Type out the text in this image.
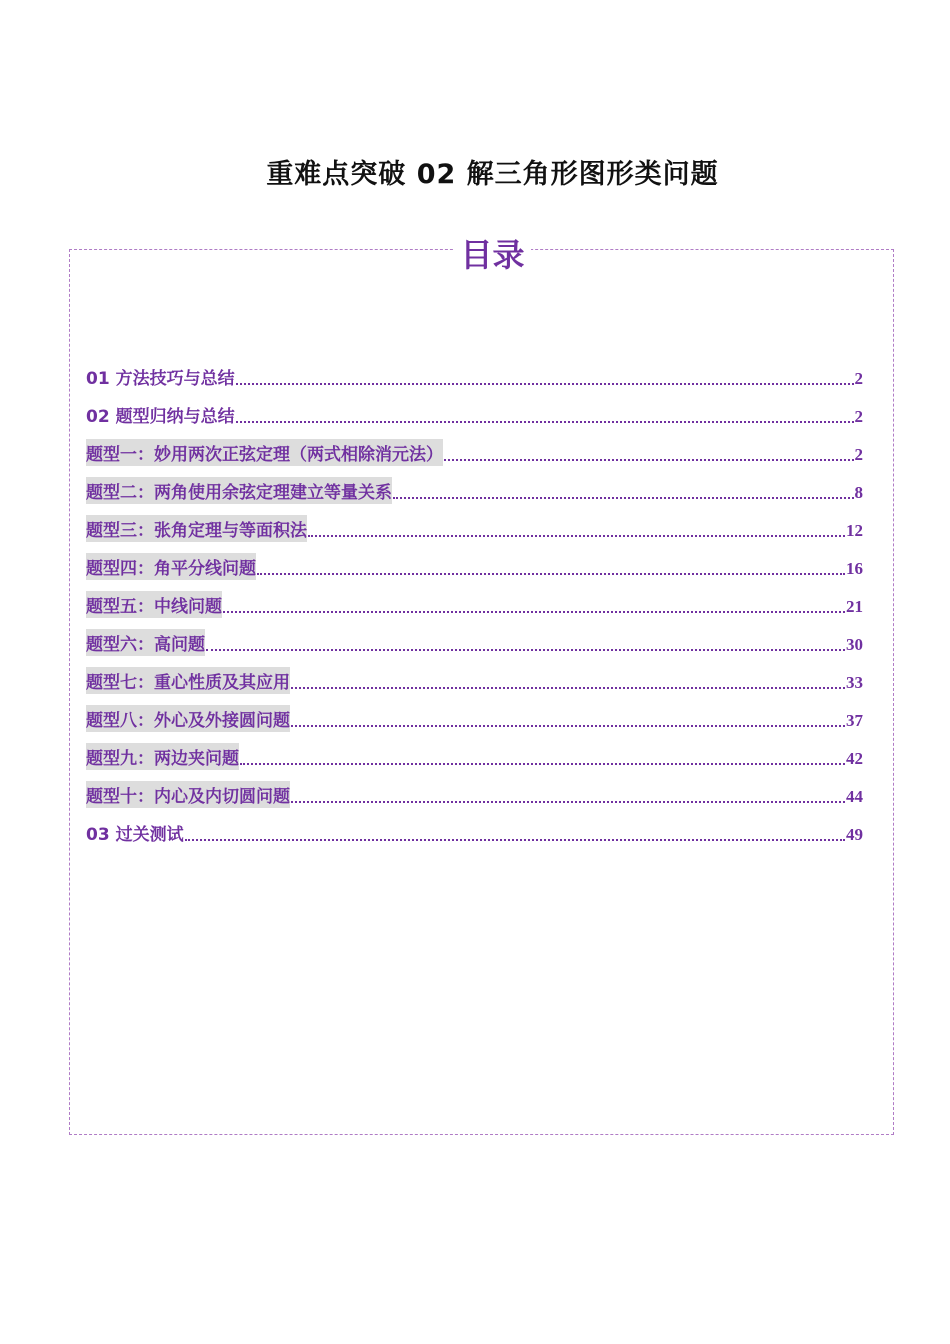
重难点突破 02 解三角形图形类问题
目录
01 方法技巧与总结	2
02 题型归纳与总结	2
题型一：妙用两次正弦定理（两式相除消元法）	2
题型二：两角使用余弦定理建立等量关系	8
题型三：张角定理与等面积法	12
题型四：角平分线问题	16
题型五：中线问题	21
题型六：高问题	30
题型七：重心性质及其应用	33
题型八：外心及外接圆问题	37
题型九：两边夹问题	42
题型十：内心及内切圆问题	44
03 过关测试	49
